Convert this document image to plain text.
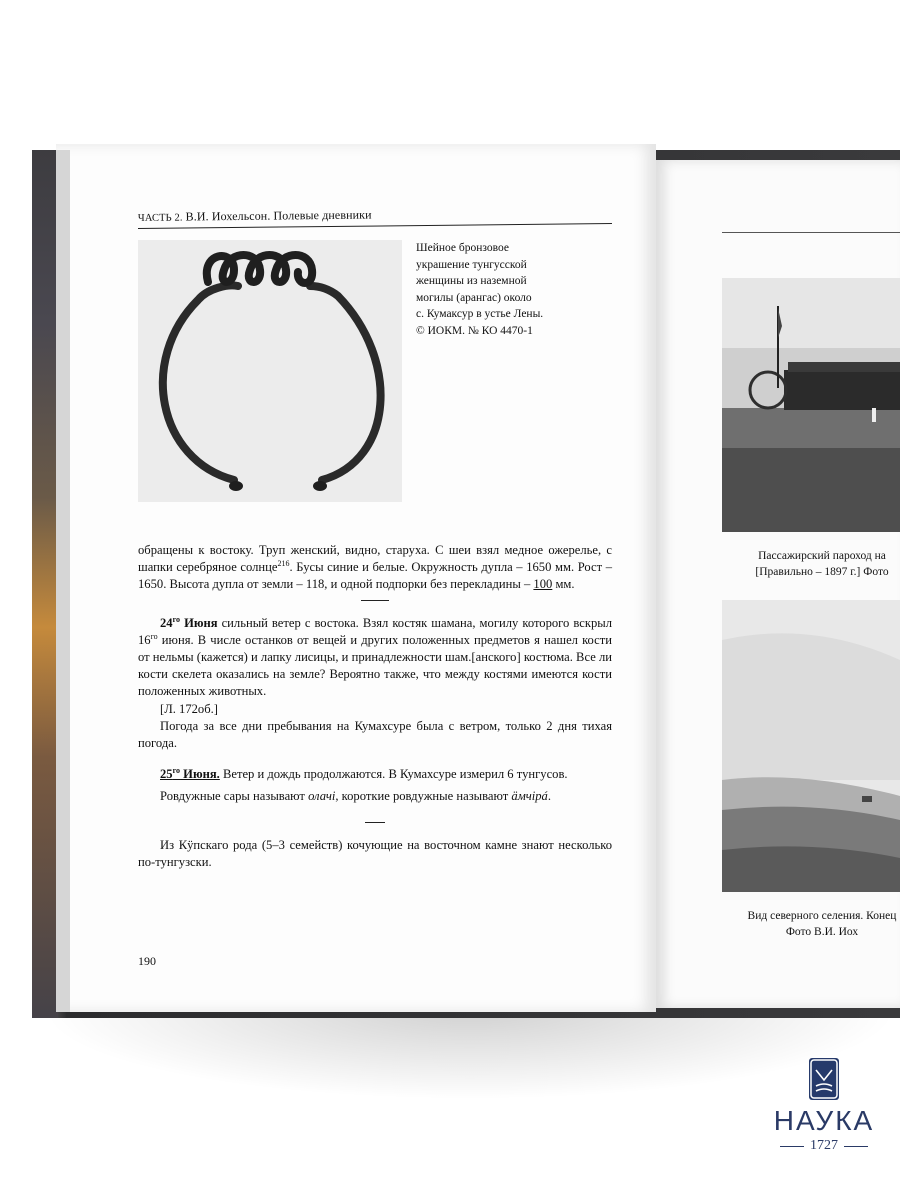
Пассажирский пароход на
[Правильно – 1897 г.] Фото
Вид северного селения. Конец
Фото В.И. Иох
ЧАСТЬ 2. В.И. Иохельсон. Полевые дневники
Шейное бронзовое
украшение тунгусской
женщины из наземной
могилы (арангас) около
с. Кумаксур в устье Лены.
© ИОКМ. № КО 4470-1

обращены к востоку. Труп женский, видно, старуха. С шеи взял медное ожерелье, с шапки серебряное солнце$^{216}$. Бусы синие и белые. Окружность дупла – 1650 мм. Рост – 1650. Высота дупла от земли – 118, и одной подпорки без перекладины – 100 мм.

$24^{го}$ Июня сильный ветер с востока. Взял костяк шамана, могилу которого вскрыл $16^{го}$ июня. В числе останков от вещей и других положенных предметов я нашел кости от нельмы (кажется) и лапку лисицы, и принадлежности шам.[анского] костюма. Все ли кости скелета оказались на земле? Вероятно также, что между костями имеются кости положенных животных.

[Л. 172об.]

Погода за все дни пребывания на Кумахсуре была с ветром, только 2 дня тихая погода.

$25^{го}$ Июня. Ветер и дождь продолжаются. В Кумахсуре измерил 6 тунгусов.

Ровдужные сары называют олачі, короткие ровдужные называют ӓмчірá.

Из Кӱпскаго рода (5–3 семейств) кочующие на восточном камне знают несколько по-тунгузски.

190
НАУКА
1727
